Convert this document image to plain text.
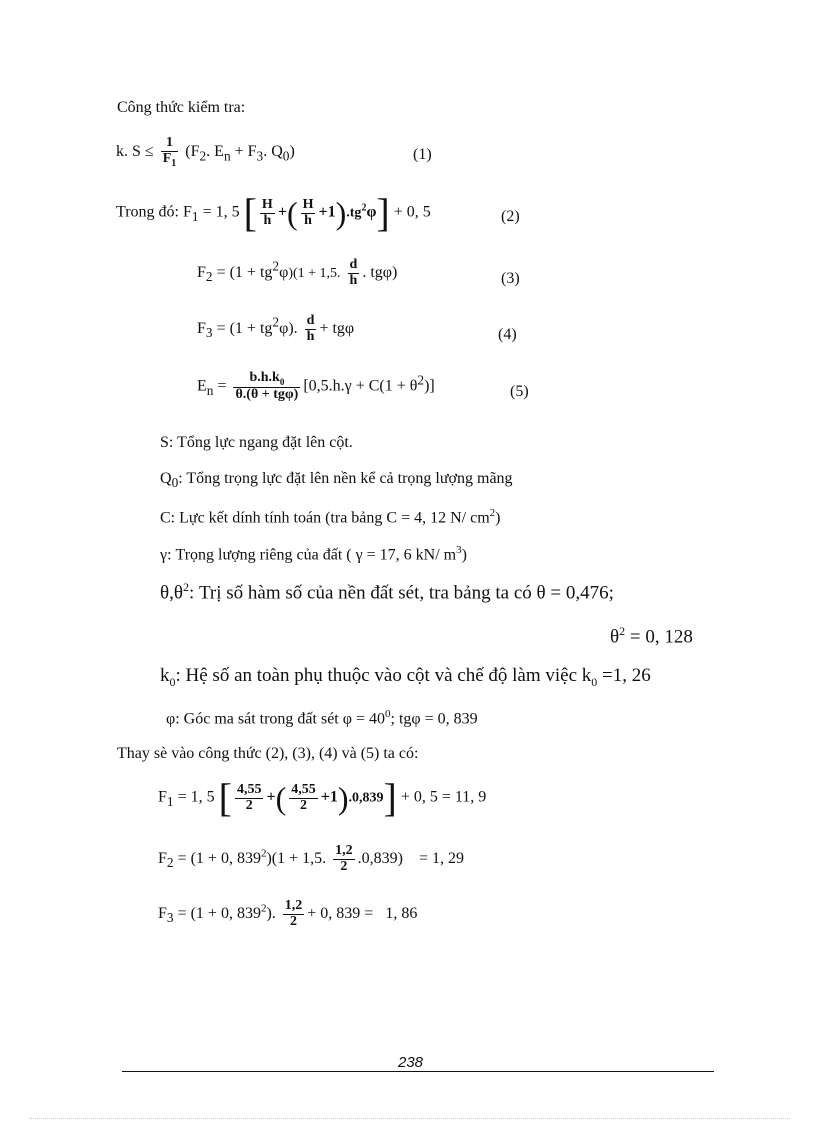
Công thức kiểm tra:
k. $S \le \frac{1}{F_1} (F_2$. $E_n + F_3$. $Q_0$)	(1)
Trong đó: $F_1 = 1$, 5 [ $\frac{H}{h}$ +( $\frac{H}{h} +1).tg^2\varphi] + 0$, 5	(2)
$F_2 = (1 + tg^2\varphi)(1 + 1,5$. $\frac{d}{h}$ . tgφ)	(3)
$F_3 = (1 + tg^2\varphi)$. $\frac{d}{h} + tg\varphi$	(4)
$E_n = \frac{b.h.k_0}{\text{θ.(θ + tgφ)}} [0,5.h.\gamma + C(1 + \theta^2)]$	(5)
S: Tổng lực ngang đặt lên cột.
$Q_0$: Tổng trọng lực đặt lên nền kể cả trọng lượng mãng
C: Lực kết dính tính toán (tra bảng C = 4, 12 N/ $cm^2$)
γ: Trọng lượng riêng của đất ( γ = 17, 6 kN/ $m^3$)
$\theta,\theta^2$: Trị số hàm số của nền đất sét, tra bảng ta có θ = 0,476;
$\theta^2 = 0$, 128
$k_0$: Hệ số an toàn phụ thuộc vào cột và chế độ làm việc $k_0 =1$, 26
φ: Góc ma sát trong đất sét $\varphi = 40^0$; tgφ = 0, 839
Thay sè vào công thức (2), (3), (4) và (5) ta có:
$F_1 = 1$, 5 [ $\frac{4,55}{2}$ +( $\frac{4,55}{2} +1).0,839] + 0$, 5 = 11, 9
$F_2 = (1 + 0$, $839^2)(1 + 1,5$. $\frac{1,2}{2} .0,839$)    = 1, 29
$F_3 = (1 + 0$, $839^2$). $\frac{1,2}{2} + 0$, 839 =   1, 86
238
